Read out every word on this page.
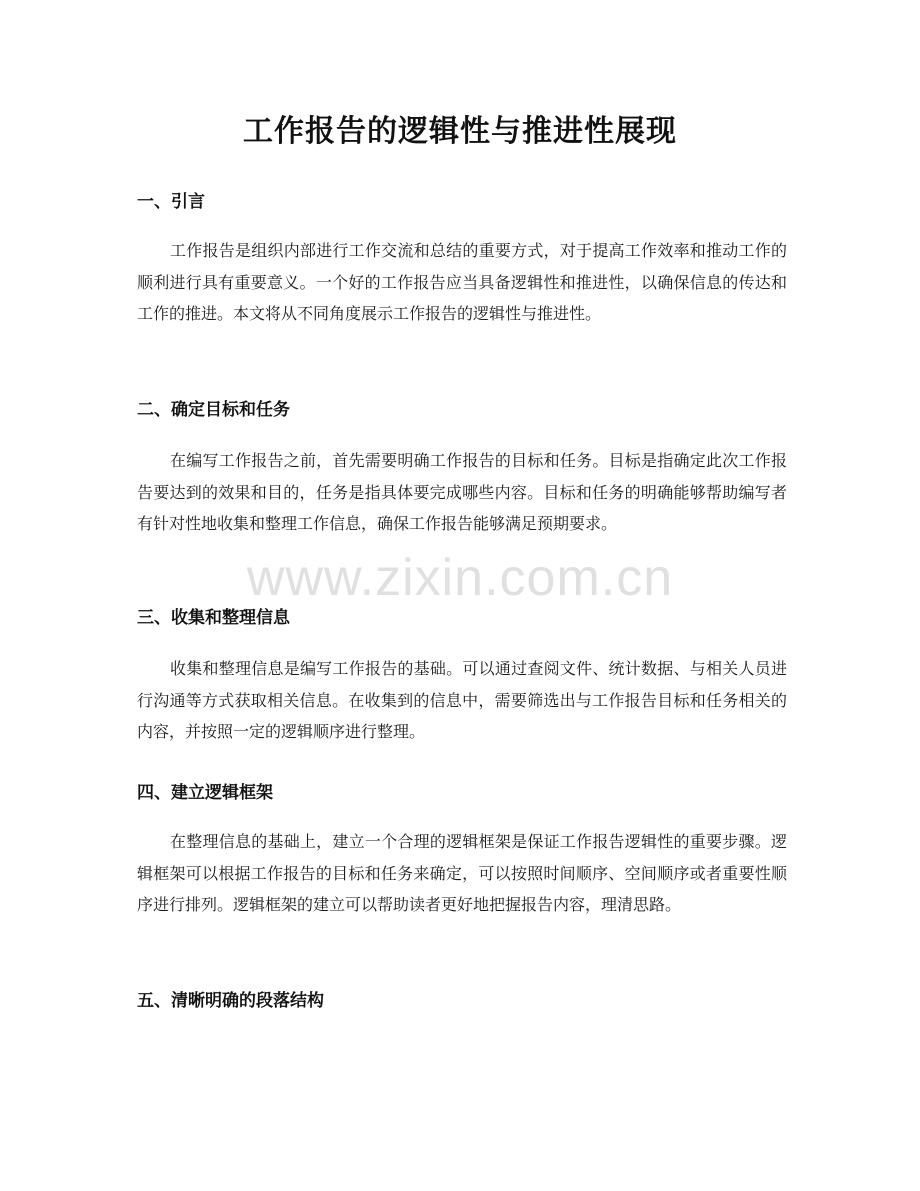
工作报告的逻辑性与推进性展现
一、引言

工作报告是组织内部进行工作交流和总结的重要方式，对于提高工作效率和推动工作的顺利进行具有重要意义。一个好的工作报告应当具备逻辑性和推进性，以确保信息的传达和工作的推进。本文将从不同角度展示工作报告的逻辑性与推进性。

二、确定目标和任务

在编写工作报告之前，首先需要明确工作报告的目标和任务。目标是指确定此次工作报告要达到的效果和目的，任务是指具体要完成哪些内容。目标和任务的明确能够帮助编写者有针对性地收集和整理工作信息，确保工作报告能够满足预期要求。

三、收集和整理信息

收集和整理信息是编写工作报告的基础。可以通过查阅文件、统计数据、与相关人员进行沟通等方式获取相关信息。在收集到的信息中，需要筛选出与工作报告目标和任务相关的内容，并按照一定的逻辑顺序进行整理。

四、建立逻辑框架

在整理信息的基础上，建立一个合理的逻辑框架是保证工作报告逻辑性的重要步骤。逻辑框架可以根据工作报告的目标和任务来确定，可以按照时间顺序、空间顺序或者重要性顺序进行排列。逻辑框架的建立可以帮助读者更好地把握报告内容，理清思路。

五、清晰明确的段落结构
www.zixin.com.cn
